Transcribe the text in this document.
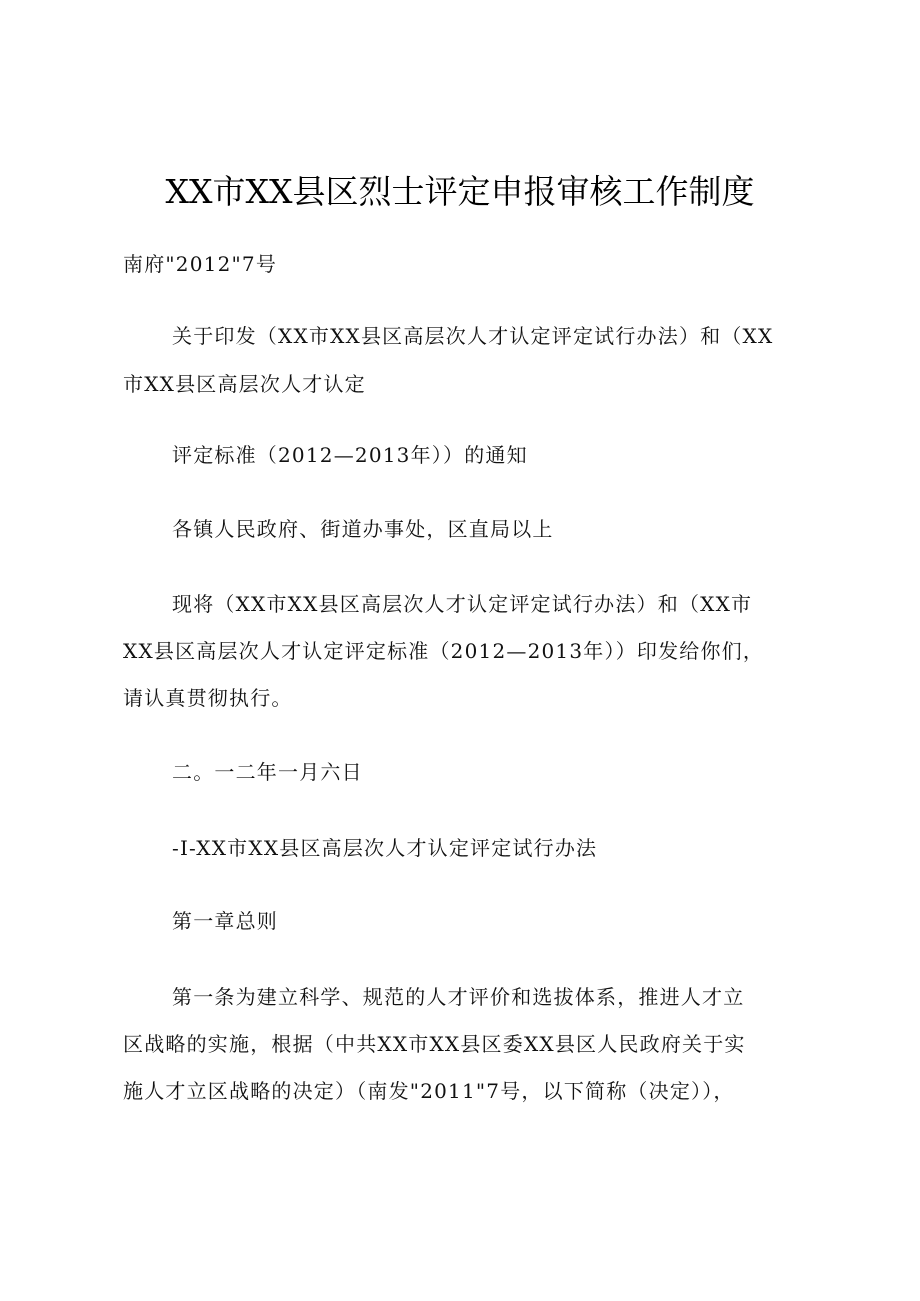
XX市XX县区烈士评定申报审核工作制度
南府"2012"7号
关于印发（XX市XX县区高层次人才认定评定试行办法）和（XX
市XX县区高层次人才认定
评定标准（2012—2013年））的通知
各镇人民政府、街道办事处，区直局以上
现将（XX市XX县区高层次人才认定评定试行办法）和（XX市
XX县区高层次人才认定评定标准（2012—2013年））印发给你们，
请认真贯彻执行。
二。一二年一月六日
-I-XX市XX县区高层次人才认定评定试行办法
第一章总则
第一条为建立科学、规范的人才评价和选拔体系，推进人才立
区战略的实施，根据（中共XX市XX县区委XX县区人民政府关于实
施人才立区战略的决定）（南发"2011"7号，以下简称（决定）），
